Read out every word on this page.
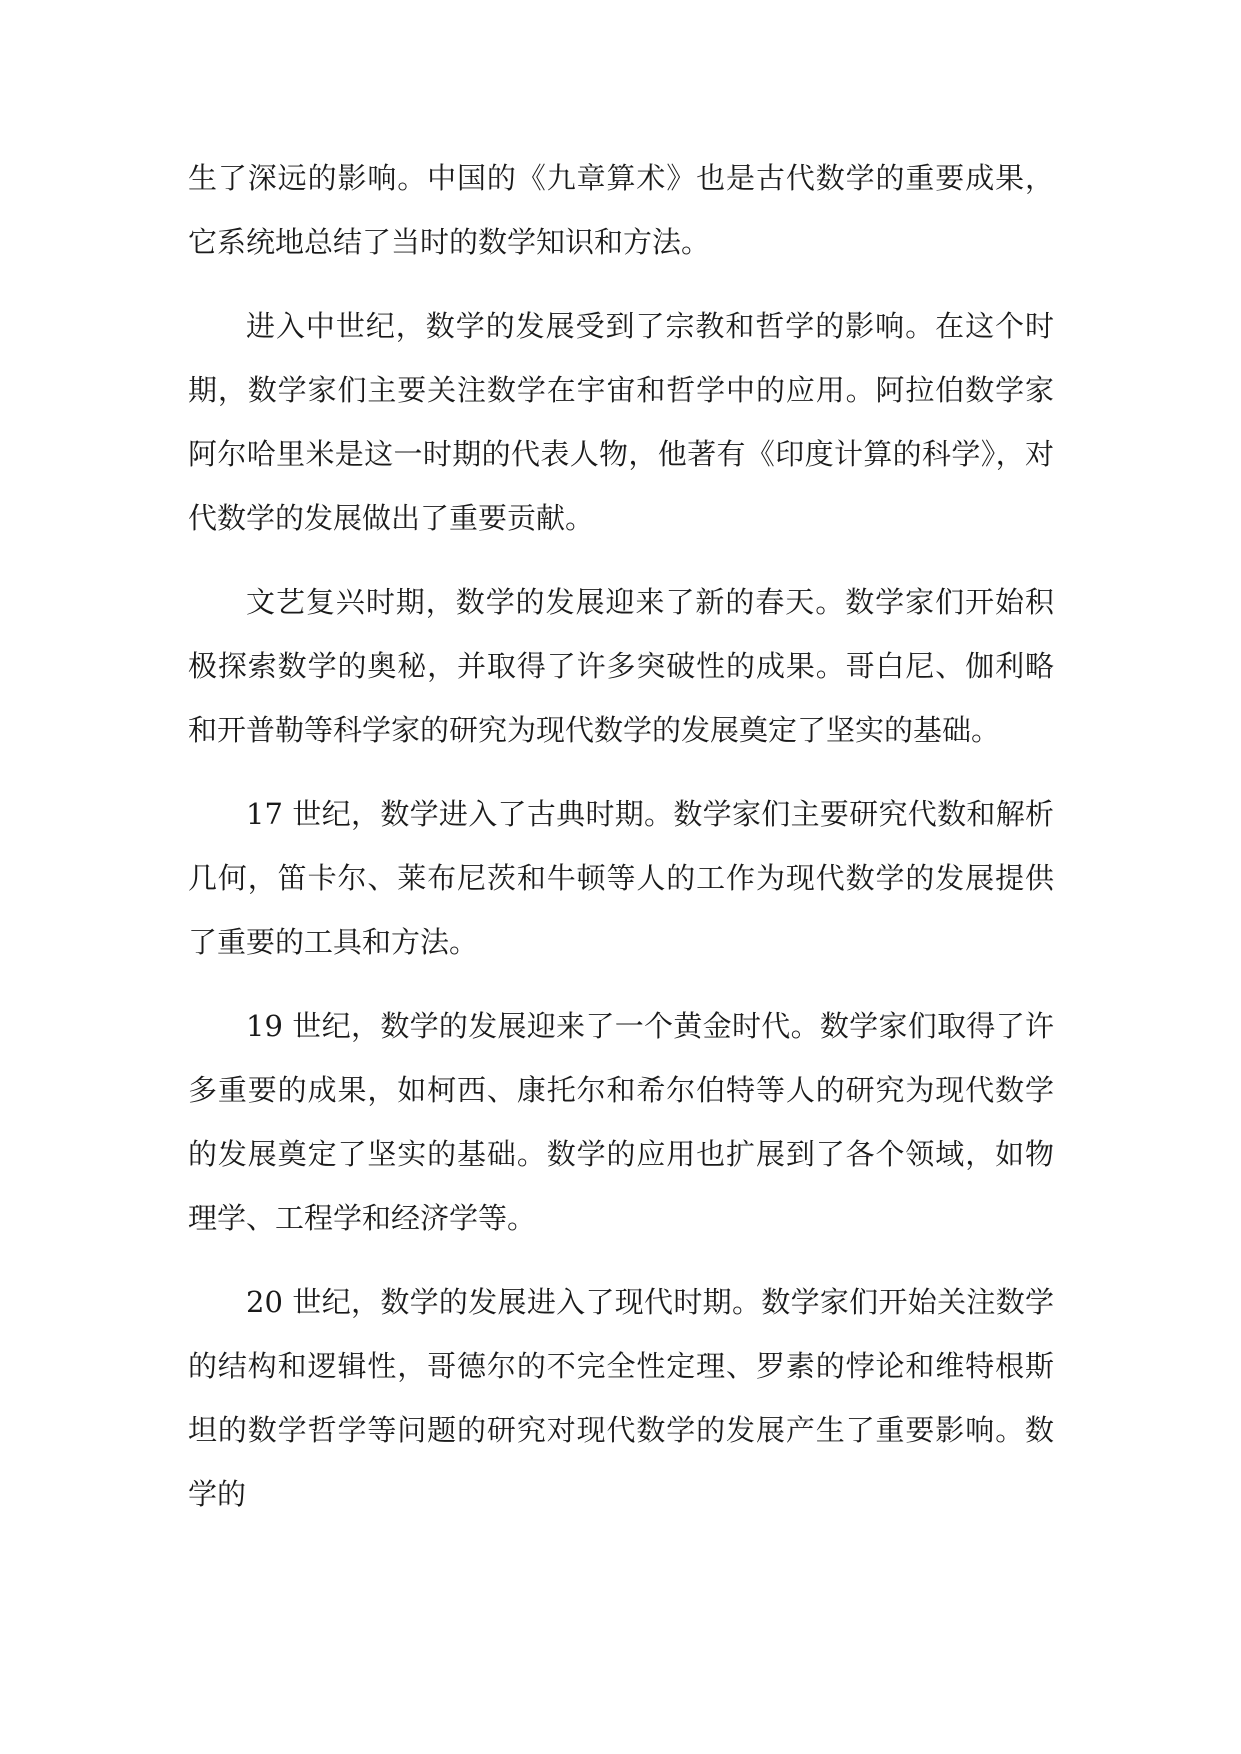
生了深远的影响。中国的《九章算术》也是古代数学的重要成果，它系统地总结了当时的数学知识和方法。

进入中世纪，数学的发展受到了宗教和哲学的影响。在这个时期，数学家们主要关注数学在宇宙和哲学中的应用。阿拉伯数学家阿尔哈里米是这一时期的代表人物，他著有《印度计算的科学》，对代数学的发展做出了重要贡献。

文艺复兴时期，数学的发展迎来了新的春天。数学家们开始积极探索数学的奥秘，并取得了许多突破性的成果。哥白尼、伽利略和开普勒等科学家的研究为现代数学的发展奠定了坚实的基础。

17 世纪，数学进入了古典时期。数学家们主要研究代数和解析几何，笛卡尔、莱布尼茨和牛顿等人的工作为现代数学的发展提供了重要的工具和方法。

19 世纪，数学的发展迎来了一个黄金时代。数学家们取得了许多重要的成果，如柯西、康托尔和希尔伯特等人的研究为现代数学的发展奠定了坚实的基础。数学的应用也扩展到了各个领域，如物理学、工程学和经济学等。

20 世纪，数学的发展进入了现代时期。数学家们开始关注数学的结构和逻辑性，哥德尔的不完全性定理、罗素的悖论和维特根斯坦的数学哲学等问题的研究对现代数学的发展产生了重要影响。数学的
